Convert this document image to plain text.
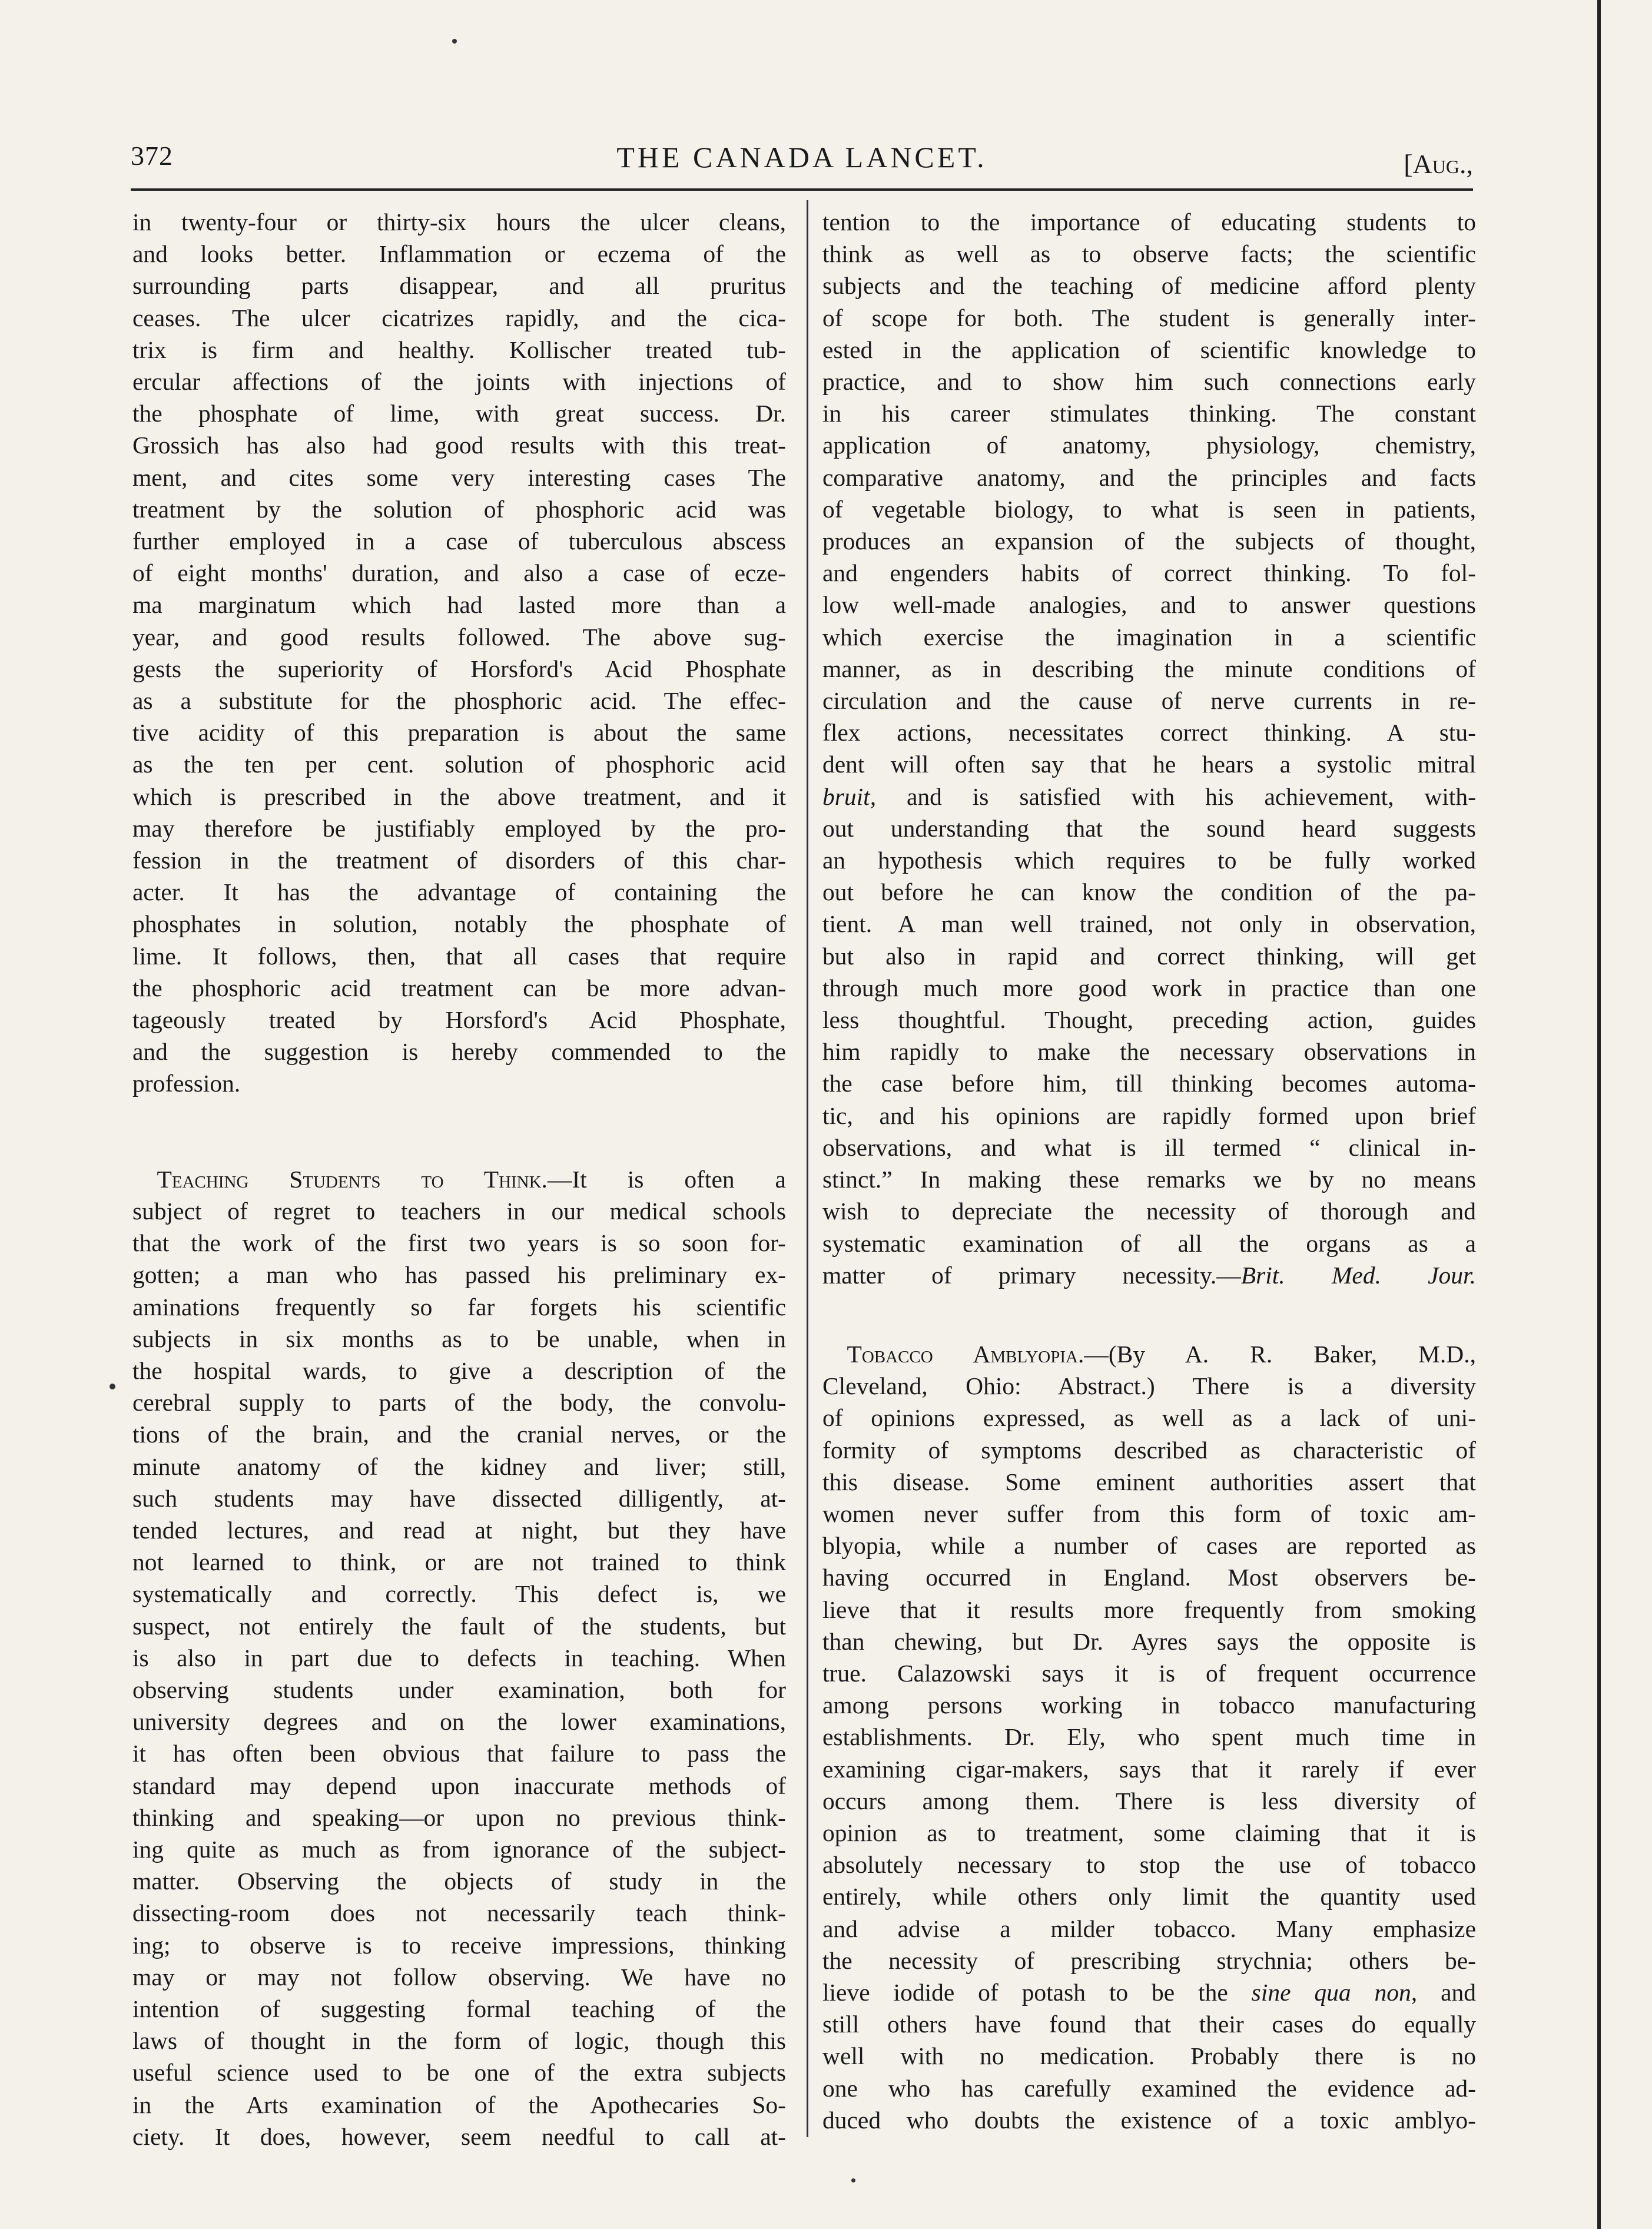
372	THE CANADA LANCET.	[Aug.,
in twenty-four or thirty-six hours the ulcer cleans,
and looks better. Inflammation or eczema of the
surrounding parts disappear, and all pruritus
ceases. The ulcer cicatrizes rapidly, and the cica-
trix is firm and healthy. Kollischer treated tub-
ercular affections of the joints with injections of
the phosphate of lime, with great success. Dr.
Grossich has also had good results with this treat-
ment, and cites some very interesting cases The
treatment by the solution of phosphoric acid was
further employed in a case of tuberculous abscess
of eight months' duration, and also a case of ecze-
ma marginatum which had lasted more than a
year, and good results followed. The above sug-
gests the superiority of Horsford's Acid Phosphate
as a substitute for the phosphoric acid. The effec-
tive acidity of this preparation is about the same
as the ten per cent. solution of phosphoric acid
which is prescribed in the above treatment, and it
may therefore be justifiably employed by the pro-
fession in the treatment of disorders of this char-
acter. It has the advantage of containing the
phosphates in solution, notably the phosphate of
lime. It follows, then, that all cases that require
the phosphoric acid treatment can be more advan-
tageously treated by Horsford's Acid Phosphate,
and the suggestion is hereby commended to the
profession.
 Teaching Students to Think.—It is often a
subject of regret to teachers in our medical schools
that the work of the first two years is so soon for-
gotten; a man who has passed his preliminary ex-
aminations frequently so far forgets his scientific
subjects in six months as to be unable, when in
the hospital wards, to give a description of the
cerebral supply to parts of the body, the convolu-
tions of the brain, and the cranial nerves, or the
minute anatomy of the kidney and liver; still,
such students may have dissected dilligently, at-
tended lectures, and read at night, but they have
not learned to think, or are not trained to think
systematically and correctly. This defect is, we
suspect, not entirely the fault of the students, but
is also in part due to defects in teaching. When
observing students under examination, both for
university degrees and on the lower examinations,
it has often been obvious that failure to pass the
standard may depend upon inaccurate methods of
thinking and speaking—or upon no previous think-
ing quite as much as from ignorance of the subject-
matter. Observing the objects of study in the
dissecting-room does not necessarily teach think-
ing; to observe is to receive impressions, thinking
may or may not follow observing. We have no
intention of suggesting formal teaching of the
laws of thought in the form of logic, though this
useful science used to be one of the extra subjects
in the Arts examination of the Apothecaries So-
ciety. It does, however, seem needful to call at-
tention to the importance of educating students to
think as well as to observe facts; the scientific
subjects and the teaching of medicine afford plenty
of scope for both. The student is generally inter-
ested in the application of scientific knowledge to
practice, and to show him such connections early
in his career stimulates thinking. The constant
application of anatomy, physiology, chemistry,
comparative anatomy, and the principles and facts
of vegetable biology, to what is seen in patients,
produces an expansion of the subjects of thought,
and engenders habits of correct thinking. To fol-
low well-made analogies, and to answer questions
which exercise the imagination in a scientific
manner, as in describing the minute conditions of
circulation and the cause of nerve currents in re-
flex actions, necessitates correct thinking. A stu-
dent will often say that he hears a systolic mitral
bruit, and is satisfied with his achievement, with-
out understanding that the sound heard suggests
an hypothesis which requires to be fully worked
out before he can know the condition of the pa-
tient. A man well trained, not only in observation,
but also in rapid and correct thinking, will get
through much more good work in practice than one
less thoughtful. Thought, preceding action, guides
him rapidly to make the necessary observations in
the case before him, till thinking becomes automa-
tic, and his opinions are rapidly formed upon brief
observations, and what is ill termed “ clinical in-
stinct.” In making these remarks we by no means
wish to depreciate the necessity of thorough and
systematic examination of all the organs as a
matter of primary necessity.—Brit. Med. Jour.
 Tobacco Amblyopia.—(By A. R. Baker, M.D.,
Cleveland, Ohio: Abstract.) There is a diversity
of opinions expressed, as well as a lack of uni-
formity of symptoms described as characteristic of
this disease. Some eminent authorities assert that
women never suffer from this form of toxic am-
blyopia, while a number of cases are reported as
having occurred in England. Most observers be-
lieve that it results more frequently from smoking
than chewing, but Dr. Ayres says the opposite is
true. Calazowski says it is of frequent occurrence
among persons working in tobacco manufacturing
establishments. Dr. Ely, who spent much time in
examining cigar-makers, says that it rarely if ever
occurs among them. There is less diversity of
opinion as to treatment, some claiming that it is
absolutely necessary to stop the use of tobacco
entirely, while others only limit the quantity used
and advise a milder tobacco. Many emphasize
the necessity of prescribing strychnia; others be-
lieve iodide of potash to be the sine qua non, and
still others have found that their cases do equally
well with no medication. Probably there is no
one who has carefully examined the evidence ad-
duced who doubts the existence of a toxic amblyo-
